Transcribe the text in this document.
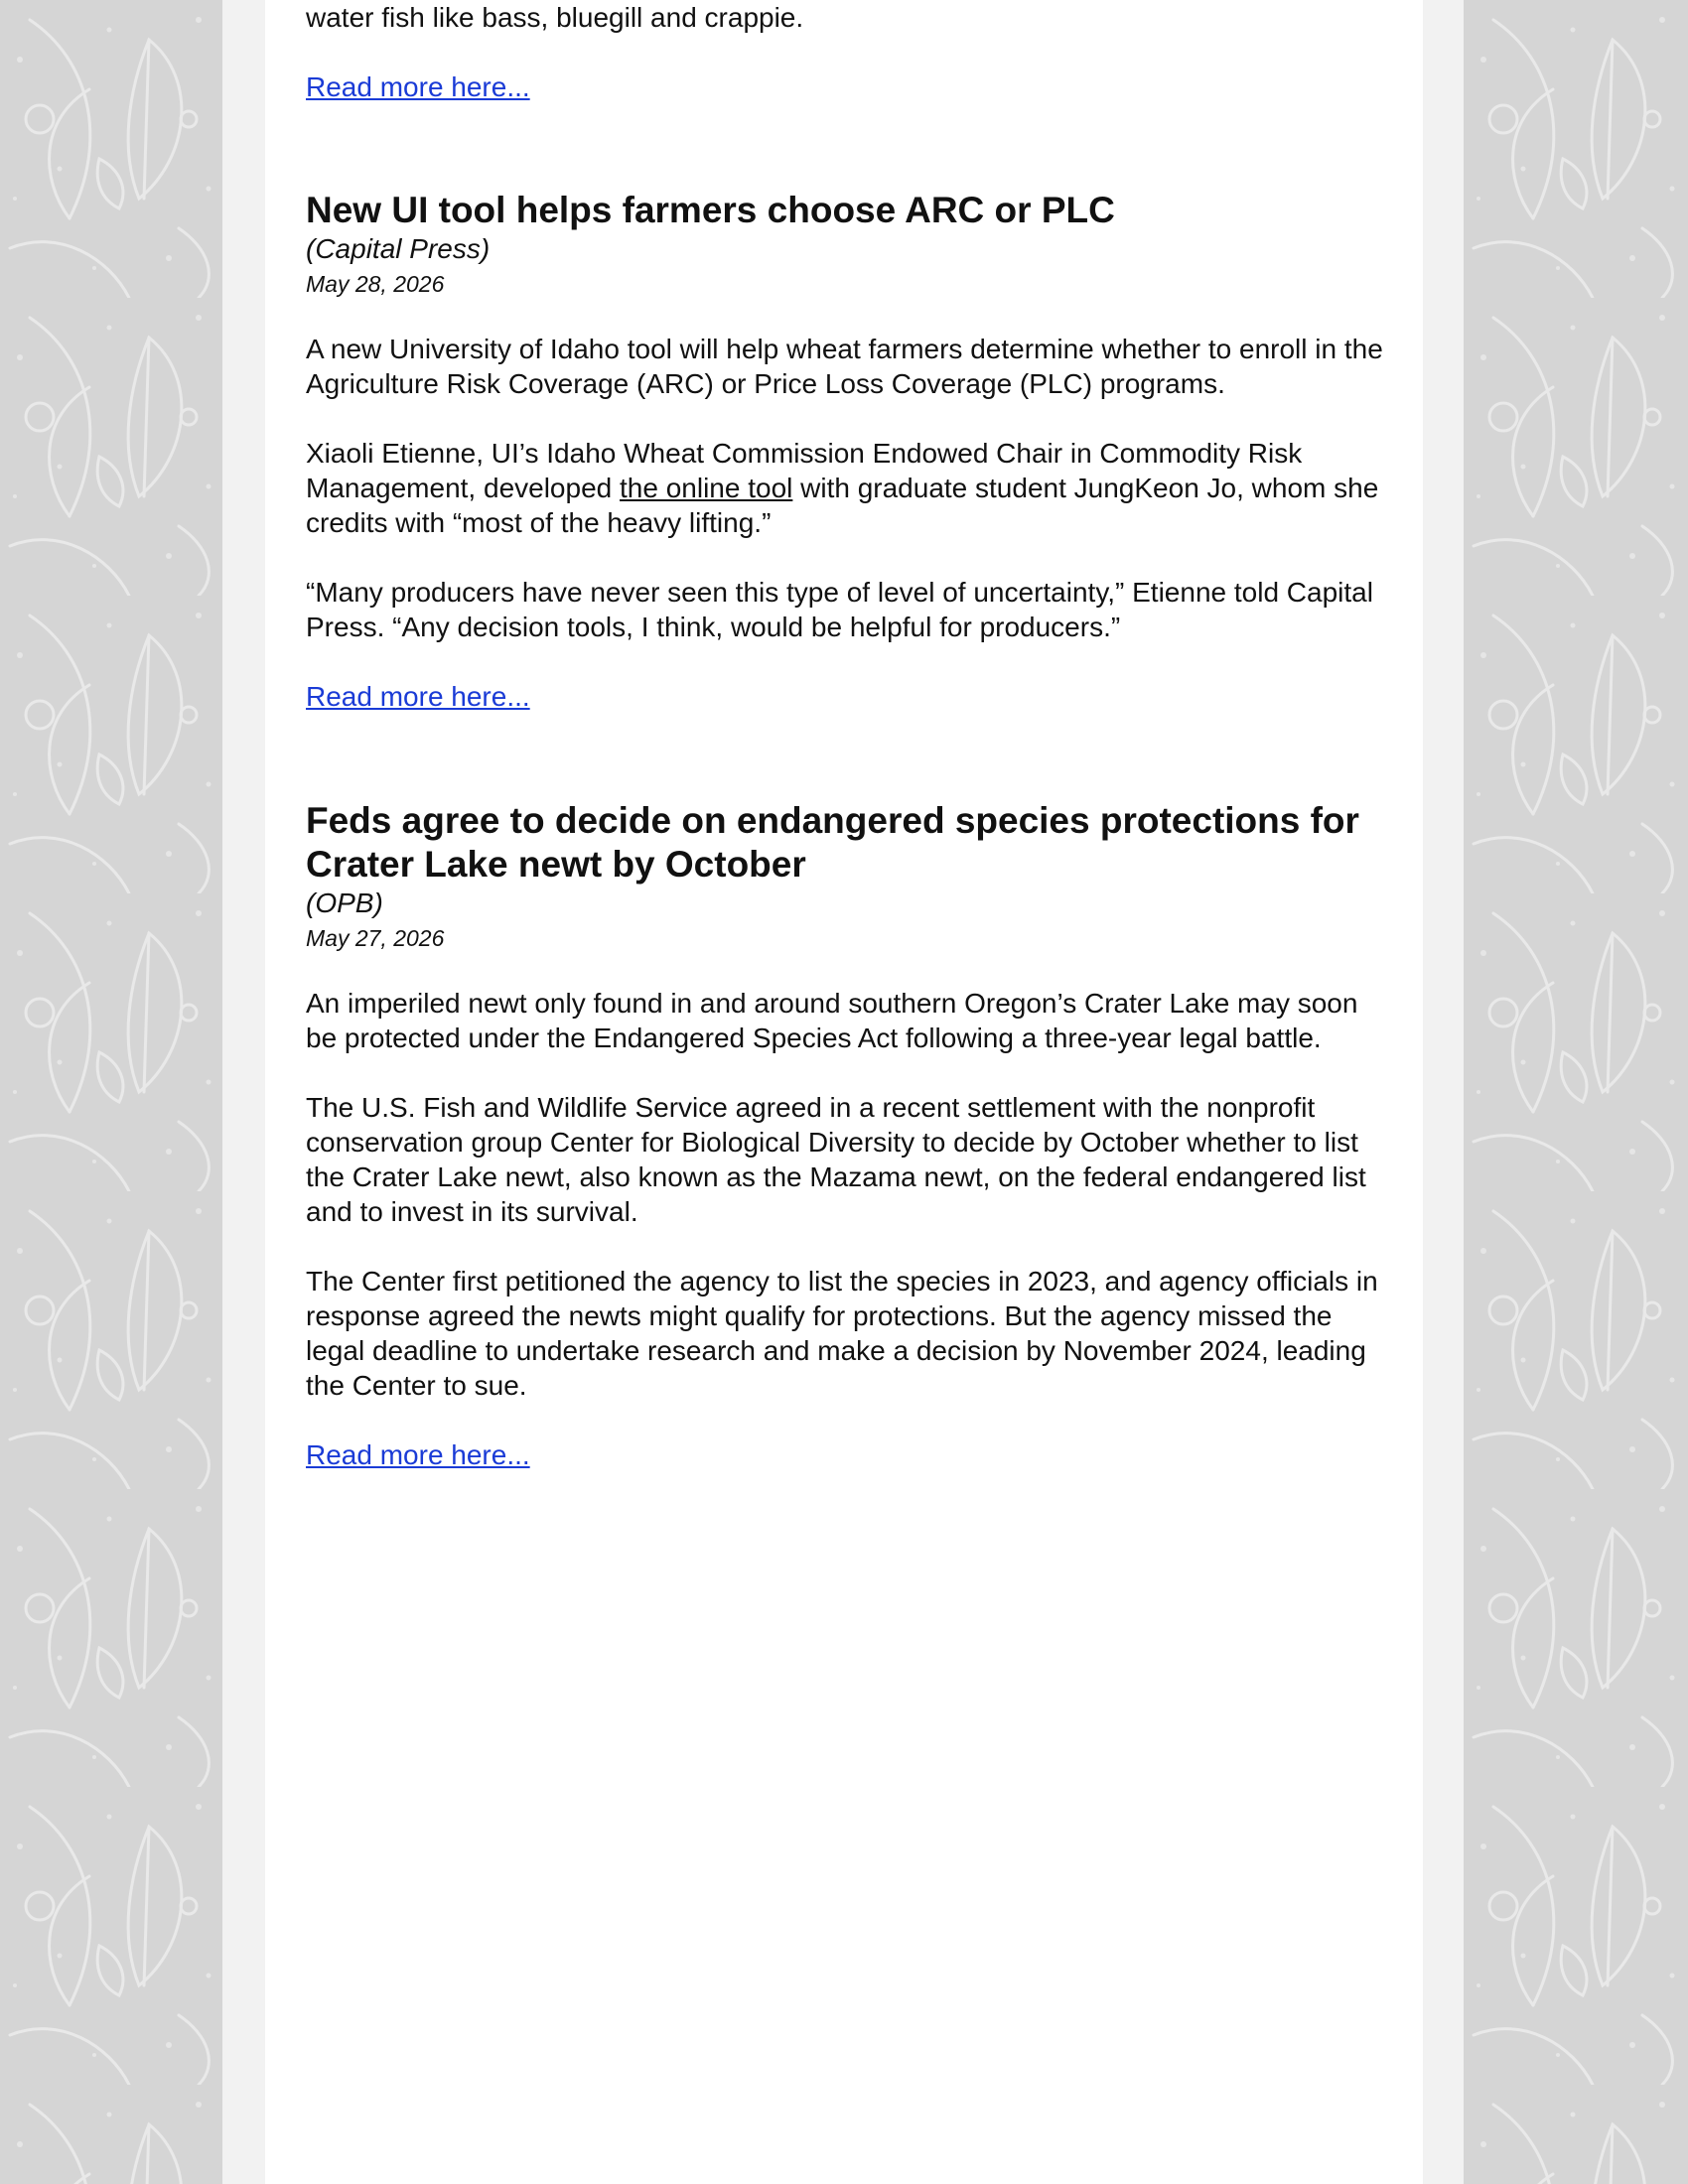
water fish like bass, bluegill and crappie.

Read more here...
New UI tool helps farmers choose ARC or PLC
(Capital Press)
May 28, 2026

A new University of Idaho tool will help wheat farmers determine whether to enroll in the Agriculture Risk Coverage (ARC) or Price Loss Coverage (PLC) programs.

Xiaoli Etienne, UI’s Idaho Wheat Commission Endowed Chair in Commodity Risk Management, developed the online tool with graduate student JungKeon Jo, whom she credits with “most of the heavy lifting.”

“Many producers have never seen this type of level of uncertainty,” Etienne told Capital Press. “Any decision tools, I think, would be helpful for producers.”

Read more here...
Feds agree to decide on endangered species protections for Crater Lake newt by October
(OPB)
May 27, 2026

An imperiled newt only found in and around southern Oregon’s Crater Lake may soon be protected under the Endangered Species Act following a three-year legal battle.

The U.S. Fish and Wildlife Service agreed in a recent settlement with the nonprofit conservation group Center for Biological Diversity to decide by October whether to list the Crater Lake newt, also known as the Mazama newt, on the federal endangered list and to invest in its survival.

The Center first petitioned the agency to list the species in 2023, and agency officials in response agreed the newts might qualify for protections. But the agency missed the legal deadline to undertake research and make a decision by November 2024, leading the Center to sue.

Read more here...
